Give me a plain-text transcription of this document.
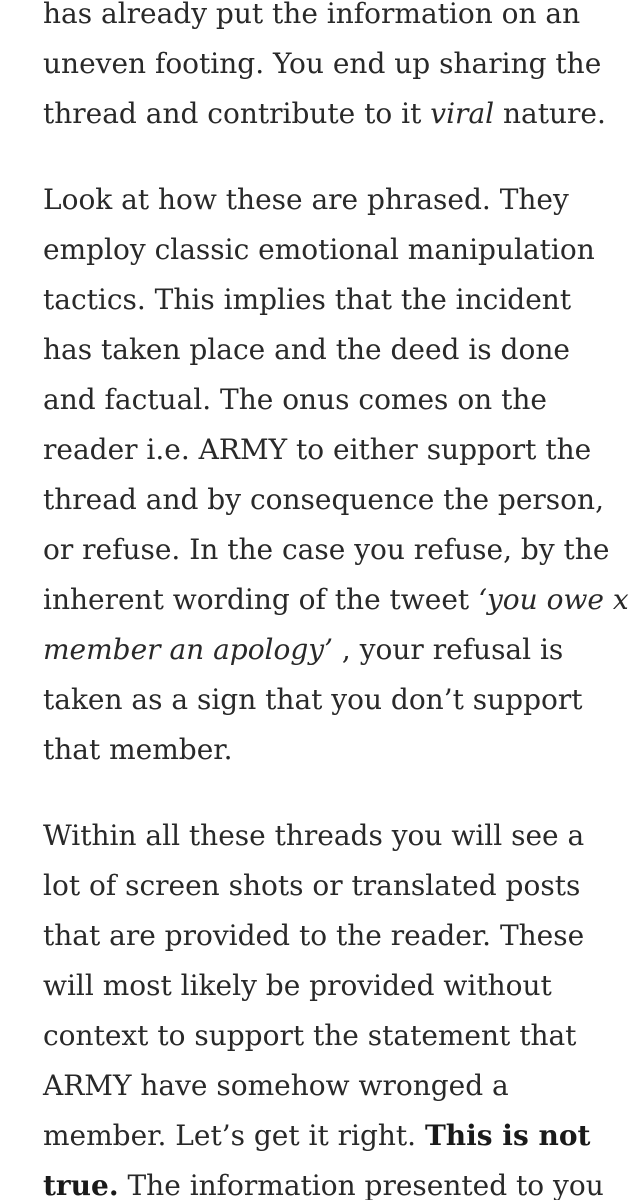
has already put the information on an
uneven footing. You end up sharing the
thread and contribute to it viral nature.

Look at how these are phrased. They
employ classic emotional manipulation
tactics. This implies that the incident
has taken place and the deed is done
and factual. The onus comes on the
reader i.e. ARMY to either support the
thread and by consequence the person,
or refuse. In the case you refuse, by the
inherent wording of the tweet ‘you owe x
member an apology’ , your refusal is
taken as a sign that you don’t support
that member.

Within all these threads you will see a
lot of screen shots or translated posts
that are provided to the reader. These
will most likely be provided without
context to support the statement that
ARMY have somehow wronged a
member. Let’s get it right. This is not
true. The information presented to you
